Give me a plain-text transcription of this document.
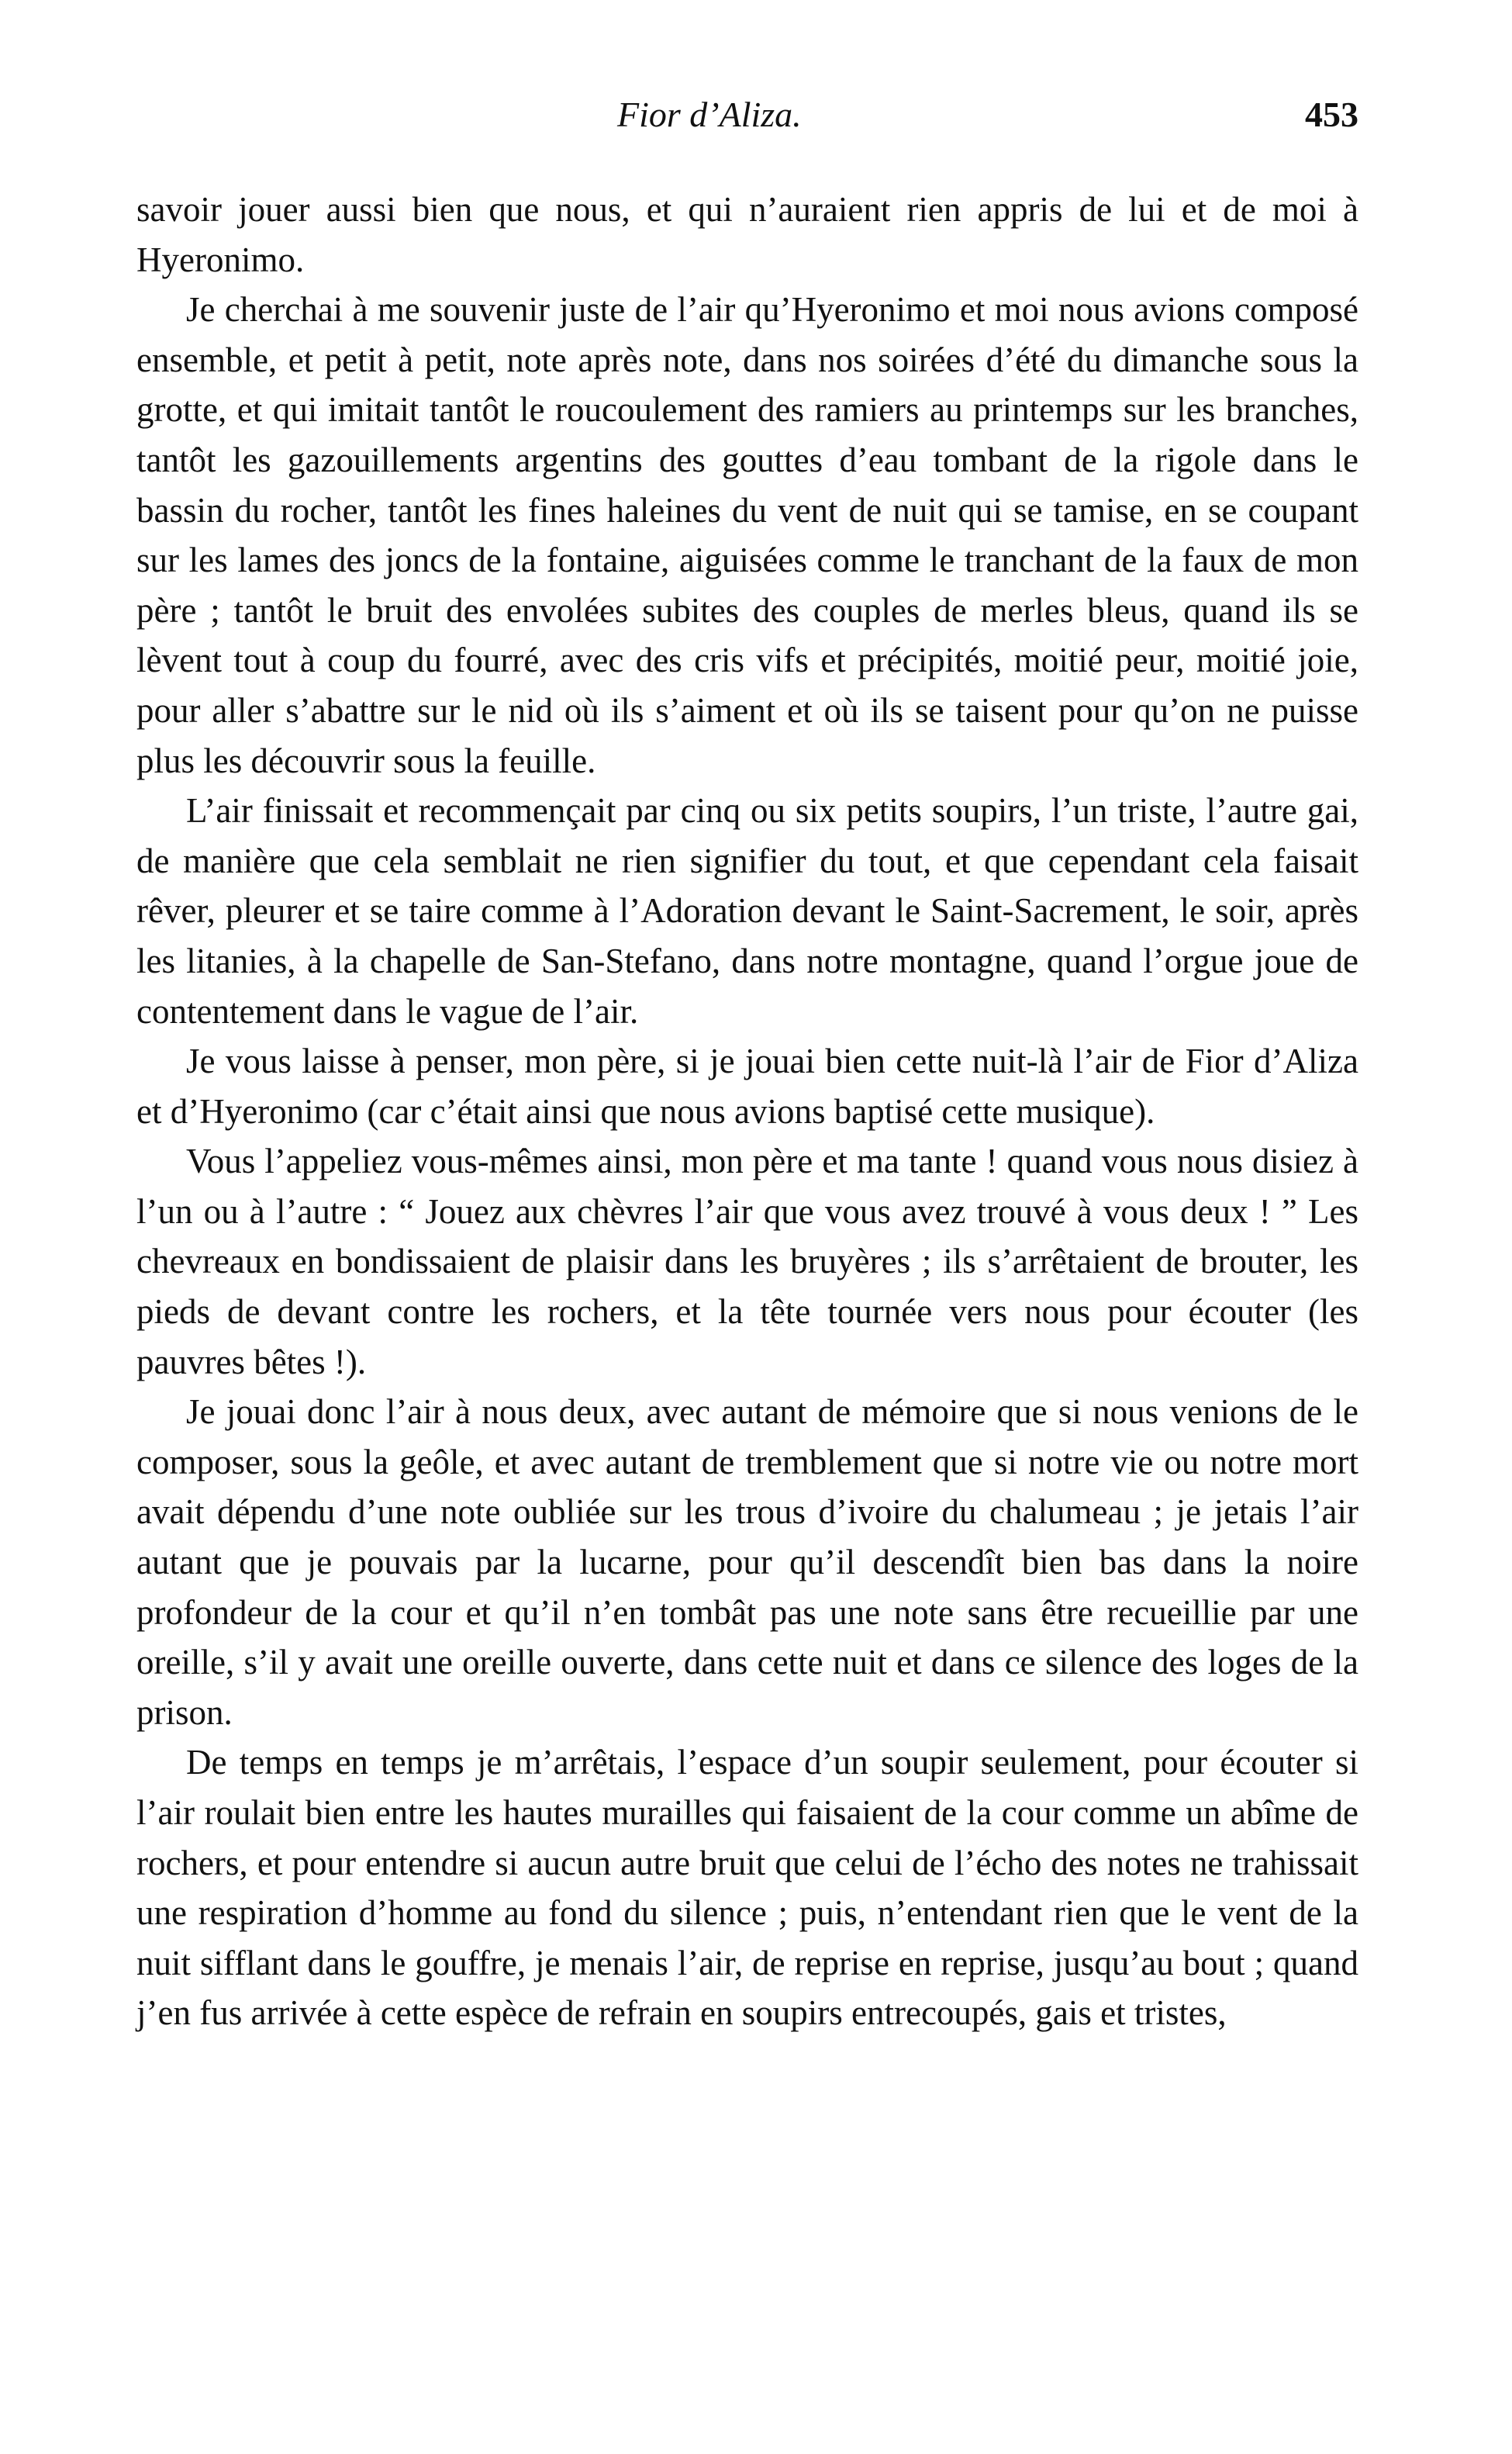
Fior d’Aliza.	453

savoir jouer aussi bien que nous, et qui n’auraient rien appris de lui et de moi à Hyeronimo.

Je cherchai à me souvenir juste de l’air qu’Hyeronimo et moi nous avions composé ensemble, et petit à petit, note après note, dans nos soirées d’été du dimanche sous la grotte, et qui imitait tantôt le roucoulement des ramiers au printemps sur les branches, tantôt les gazouillements argentins des gouttes d’eau tombant de la rigole dans le bassin du rocher, tantôt les fines haleines du vent de nuit qui se tamise, en se coupant sur les lames des joncs de la fontaine, aiguisées comme le tranchant de la faux de mon père ; tantôt le bruit des envolées subites des couples de merles bleus, quand ils se lèvent tout à coup du fourré, avec des cris vifs et précipités, moitié peur, moitié joie, pour aller s’abattre sur le nid où ils s’aiment et où ils se taisent pour qu’on ne puisse plus les découvrir sous la feuille.

L’air finissait et recommençait par cinq ou six petits soupirs, l’un triste, l’autre gai, de manière que cela semblait ne rien signifier du tout, et que cependant cela faisait rêver, pleurer et se taire comme à l’Adoration devant le Saint-Sacrement, le soir, après les litanies, à la chapelle de San-Stefano, dans notre montagne, quand l’orgue joue de contentement dans le vague de l’air.

Je vous laisse à penser, mon père, si je jouai bien cette nuit-là l’air de Fior d’Aliza et d’Hyeronimo (car c’était ainsi que nous avions baptisé cette musique).

Vous l’appeliez vous-mêmes ainsi, mon père et ma tante ! quand vous nous disiez à l’un ou à l’autre : “ Jouez aux chèvres l’air que vous avez trouvé à vous deux ! ” Les chevreaux en bondissaient de plaisir dans les bruyères ; ils s’arrêtaient de brouter, les pieds de devant contre les rochers, et la tête tournée vers nous pour écouter (les pauvres bêtes !).

Je jouai donc l’air à nous deux, avec autant de mémoire que si nous venions de le composer, sous la geôle, et avec autant de tremblement que si notre vie ou notre mort avait dépendu d’une note oubliée sur les trous d’ivoire du chalumeau ; je jetais l’air autant que je pouvais par la lucarne, pour qu’il descendît bien bas dans la noire profondeur de la cour et qu’il n’en tombât pas une note sans être recueillie par une oreille, s’il y avait une oreille ouverte, dans cette nuit et dans ce silence des loges de la prison.

De temps en temps je m’arrêtais, l’espace d’un soupir seulement, pour écouter si l’air roulait bien entre les hautes murailles qui faisaient de la cour comme un abîme de rochers, et pour entendre si aucun autre bruit que celui de l’écho des notes ne trahissait une respiration d’homme au fond du silence ; puis, n’entendant rien que le vent de la nuit sifflant dans le gouffre, je menais l’air, de reprise en reprise, jusqu’au bout ; quand j’en fus arrivée à cette espèce de refrain en soupirs entrecoupés, gais et tristes,
